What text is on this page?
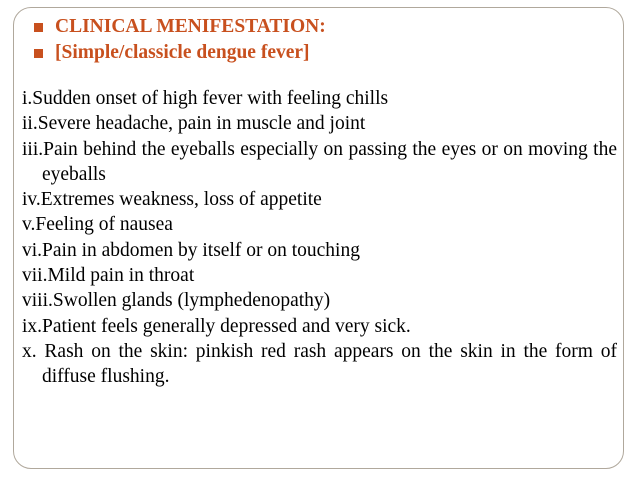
CLINICAL MENIFESTATION:
[Simple/classicle dengue fever]
i. Sudden onset of high fever with feeling chills
ii. Severe headache, pain in muscle and joint
iii.Pain behind the eyeballs especially on passing the eyes or on moving the eyeballs
iv. Extremes weakness, loss of appetite
v. Feeling of nausea
vi. Pain in abdomen by itself or on touching
vii. Mild pain in throat
viii. Swollen glands (lymphedenopathy)
ix. Patient feels generally depressed and very sick.
x. Rash on the skin: pinkish red rash appears on the skin in the form of diffuse flushing.
